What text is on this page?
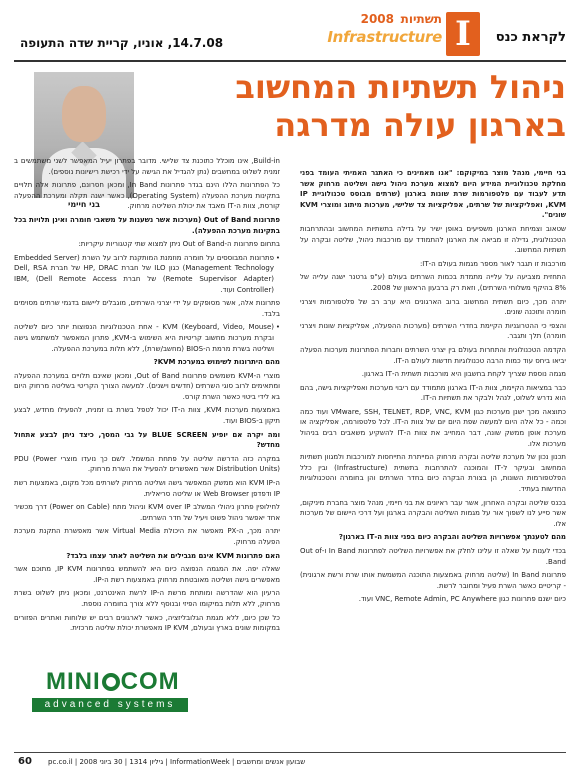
לקראת כנס
I
תשתיות
2008
Infrastructure
14.7.08, אוניו, קריית שדה התעופה
ניהול תשתיות המחשוב
בארגון עולה מדרגה
בני חיימי

בני חיימי, מנהל מוצר במיקוקם: "אנו מאמינים כי האתגר האמיתי העומד בפני מחלקת טכנולוגיית המידע היום למצוא מערכת ניהול גישה ושליטה מרחוק אשר תדע לעבוד עם פלטפורמות שרת שונות בארגון (שרתים מבוסס טכנולוגיית IP KVM, ואפליקציות של שרתים, אפליקציות צד שלישי, מערכות מיתוג ומוצרי KVM שונים".

שטאוב וצמיחת הארגון משפיעים באופן ישיר על גדילה בתשתיות המחשוב ובהתרחבות הטכנולוגית, גדילה זו מביאה את הארגון להתמודד עם מורכבות ניהול, שליטה ובקרה על תשתיות המחשוב.

מורכבות זו תגבר לאור מספר מגמות בעולם ה-IT:

התחזית מצביעה על עלייה מתמדת בכמות השרתים בעולם (ע"פ גרטנר ישנה עלייה של 8% בהיקף משלוחי השרתים), וזאת רק ברבעון הראשון של 2008.

יתרה מכך, כיום תשתית המחשוב ברוב הארגונים היא ערב רב של פלטפורמות ויצרני חומרה ותוכנה שונים.

והצפי כי ההטרוגניות הקיימת בחדרי השרתים (מערכות ההפעלה, אפליקציות שונות ויצרני חומרה) תלך ותגבר.

הקדמה הטכנולוגית והתחרות בעולם בין יצרני השרתים וחברות הפתרונות מערכות הפעלה יביאו ביחס עוד כמות הרבה טכנולוגיות חדשות לעולם ה-IT.

מגמה נוספת שצריך לקחת בחשבון היא מורכבות תשתית ה-IT בארגון.

כבר במציאות הקיימת, צוות ה-IT בארגון מתמודד עם ריבוי מערכות ואפליקציות גישה, בהם הוא נדרש לשלוט, לנהל ולבקר את תשתיות ה-IT.

כתוצאה מכך ישנן מערכות כגון VMware, SSH, TELNET, RDP, VNC, KVM ועוד כמה וכמה - כל אלה היום למעשה שפת היום יום של צוות ה-IT. לכל פלטפורמה, אפליקציה או מערכת אופן ממשק שונה, דבר המחייב את צוות ה-IT להשקיע משאבים רבים בניהול מערכות אלו.

תכנון נכון של מערכת שליטה ובקרה מרחוק המייתרת התייחסות למורכבות ולמגוון תשתיות המחשוב ובעיקר ל-IT והמוכנה להתרחבות בתשתית (Infrastructure) ובין כלל הפלטפורמות השונות, הן בצורת הבקרה כיום בחדר השרתים והן בחומרה והטכנולוגיות החדשות בעתיד.

בכנס שליטה ובקרה האחרון, אשר עבר ראיונים את בני חיימי, מנהל מוצר בחברת מיניקום, אשר סייע לנו לשפוך אור על מגמות השליטה והבקרה בארגון ועל דרכי היישום של מערכות אלו.

מהם לטענתך אפשרויות השליטה והבקרה כיום בפני צוות ה-IT בארגון?

בכדי לענות על שאלה זו עלינו לחלק את אפשרויות השליטה לפתרונות In Band ו-Out of Band.

פתרונות In Band (שליטה מרחוק באמצעות התוכנה המשמשת אותו שרת ורשת ארגונית) - קריטיים כאשר השרת פעיל ומחובר לרשת.

כיום ישנם פתרונות כגון VNC, Remote Admin, PC Anywhere ועוד.

Build-in, אינו מוכלל כתוכנת צד שלישי. מדובר בפתרון יעיל המאפשר לשני משתמשים ב זמנית לשלוט במחשבים (נתן להגדיל את הגישה על ידי רכישת רישיונות נוספים).

כל הפתרונות הללו הינם בגדר פתרונות In Band, ומכאן חסרונם, פתרונות אלה תלויים בתקינות מערכת ההפעלה (Operating System), כאשר ישנה תקלה ומערכת ההפעלה קורסת, צוות ה-IT מאבד את יכולת השליטה מרחוק.

פתרונות Out of Band (מערכות אשר נשענות על משאבי חומרה ואינן תלויות בכל בתקינות מערכת ההפעלה).

בתחום פתרונות ה-Out of Band ניתן למצוא שתי קטגוריות עיקריות:

• פתרונות המבוססים על חומרה מוזמנת המותקנת לרוב על השרת (Embedded Server Management Technology) כגון ILO של חברת HP, DRAC של חברת Dell, RSA (Remote Supervisor Adapter) של חברת IBM, (Dell Remote Access Controller) ועוד.

פתרונות אלה, אשר מסופקים על ידי יצרני השרתים, מוגבלים ליישום בדגמי שרתים מסוימים בלבד.

• KVM (Keyboard, Video, Mouse) - אחת הטכנולוגיות הנפוצות יותר כיום לשליטה ובקרת מערכות מחשוב קריטיות היא השימוש ב-KVM, פתרון המאפשר למשתמש גישה ושליטה בשרת מרמת ה-BIOS (מחשב/שרת), ללא תלות במערכת ההפעלה.

מהם היתרונות לשימוש במערכת KVM?

מוצרי ה-KVM משמשים פתרונות Out of Band, ומכאן שאינם תלויים במערכת ההפעלה ומתאימים לרוב סוגי השרתים (חדשים וישנים). למעשה הצורך הקריטי בשליטה מרחוק היום בא לידי ביטוי כאשר השרת קורס.

באמצעות מערכות KVM, צוות ה-IT יכול לטפל בשרת בו זמנית, להפעילו מחדש, לבצע תיקון ב-BIOS ועוד.

ומה יקרה אם יופיע BLUE SCREEN על גבי המסך, כיצד ניתן לבצע אתחול מחדש?

במקרה כזה הדרשה שליטה על פתחת המשמל. לשם כך נועדו מוצרי PDU (Power Distribution Units) אשר מאפשרים להפעיל את השרת מרחוק.

ה-KVM IP הוא ממשק המאפשר גישה ושליטה מרחוק לשרתים מכל מקום, באמצעות רשת IP ודפדפן Web Browser או שליטה סריאלית.

לחילופין פתרון ניהולי המשלב KVM over IP וניהול מתח (Power on Cable) דרך מכשיר אחד יאפשר ניהול פשוט ויעיל של חדר השרתים.

יתרה מכך, ה-PX מאפשר את היכולת Virtual Media אשר מאפשרת התקנת מערכת הפעלה מרחוק.

האם פתרונות KVM אינם מגבילים את השליטה לאתר עצמו בלבד?

שאלה יפה. את המגמה הנפוצה כיום היא להשתמש בפתרונות IP KVM, מתוכם אשר מאפשרים גישה ושליטה מאובטחת מרחוק באמצעות רשת ה-IP.

הרעיון הוא שהדרשה ומותחת מרשת ה-IP לרשת האינטרנט, ומכאן ניתן לשלוט בשרת מרחוק, ללא תלות במיקומו הפיזי ובנוסף ללא צורך בחומרה נוספת.

כל שכן כיום, ללא מגמת הגלובליזציה, כאשר לארגונים רבים יש שלוחות ואתרים הפזורים במקומות שונים בארץ ובעולם, IP KVM מאפשרת יכולת שליטה מרכזית.

MINI COM
advanced systems
60 שבועון אנשים ומחשבים | InformationWeek | גיליון 1314 | 30 ביוני 2008 | pc.co.il
